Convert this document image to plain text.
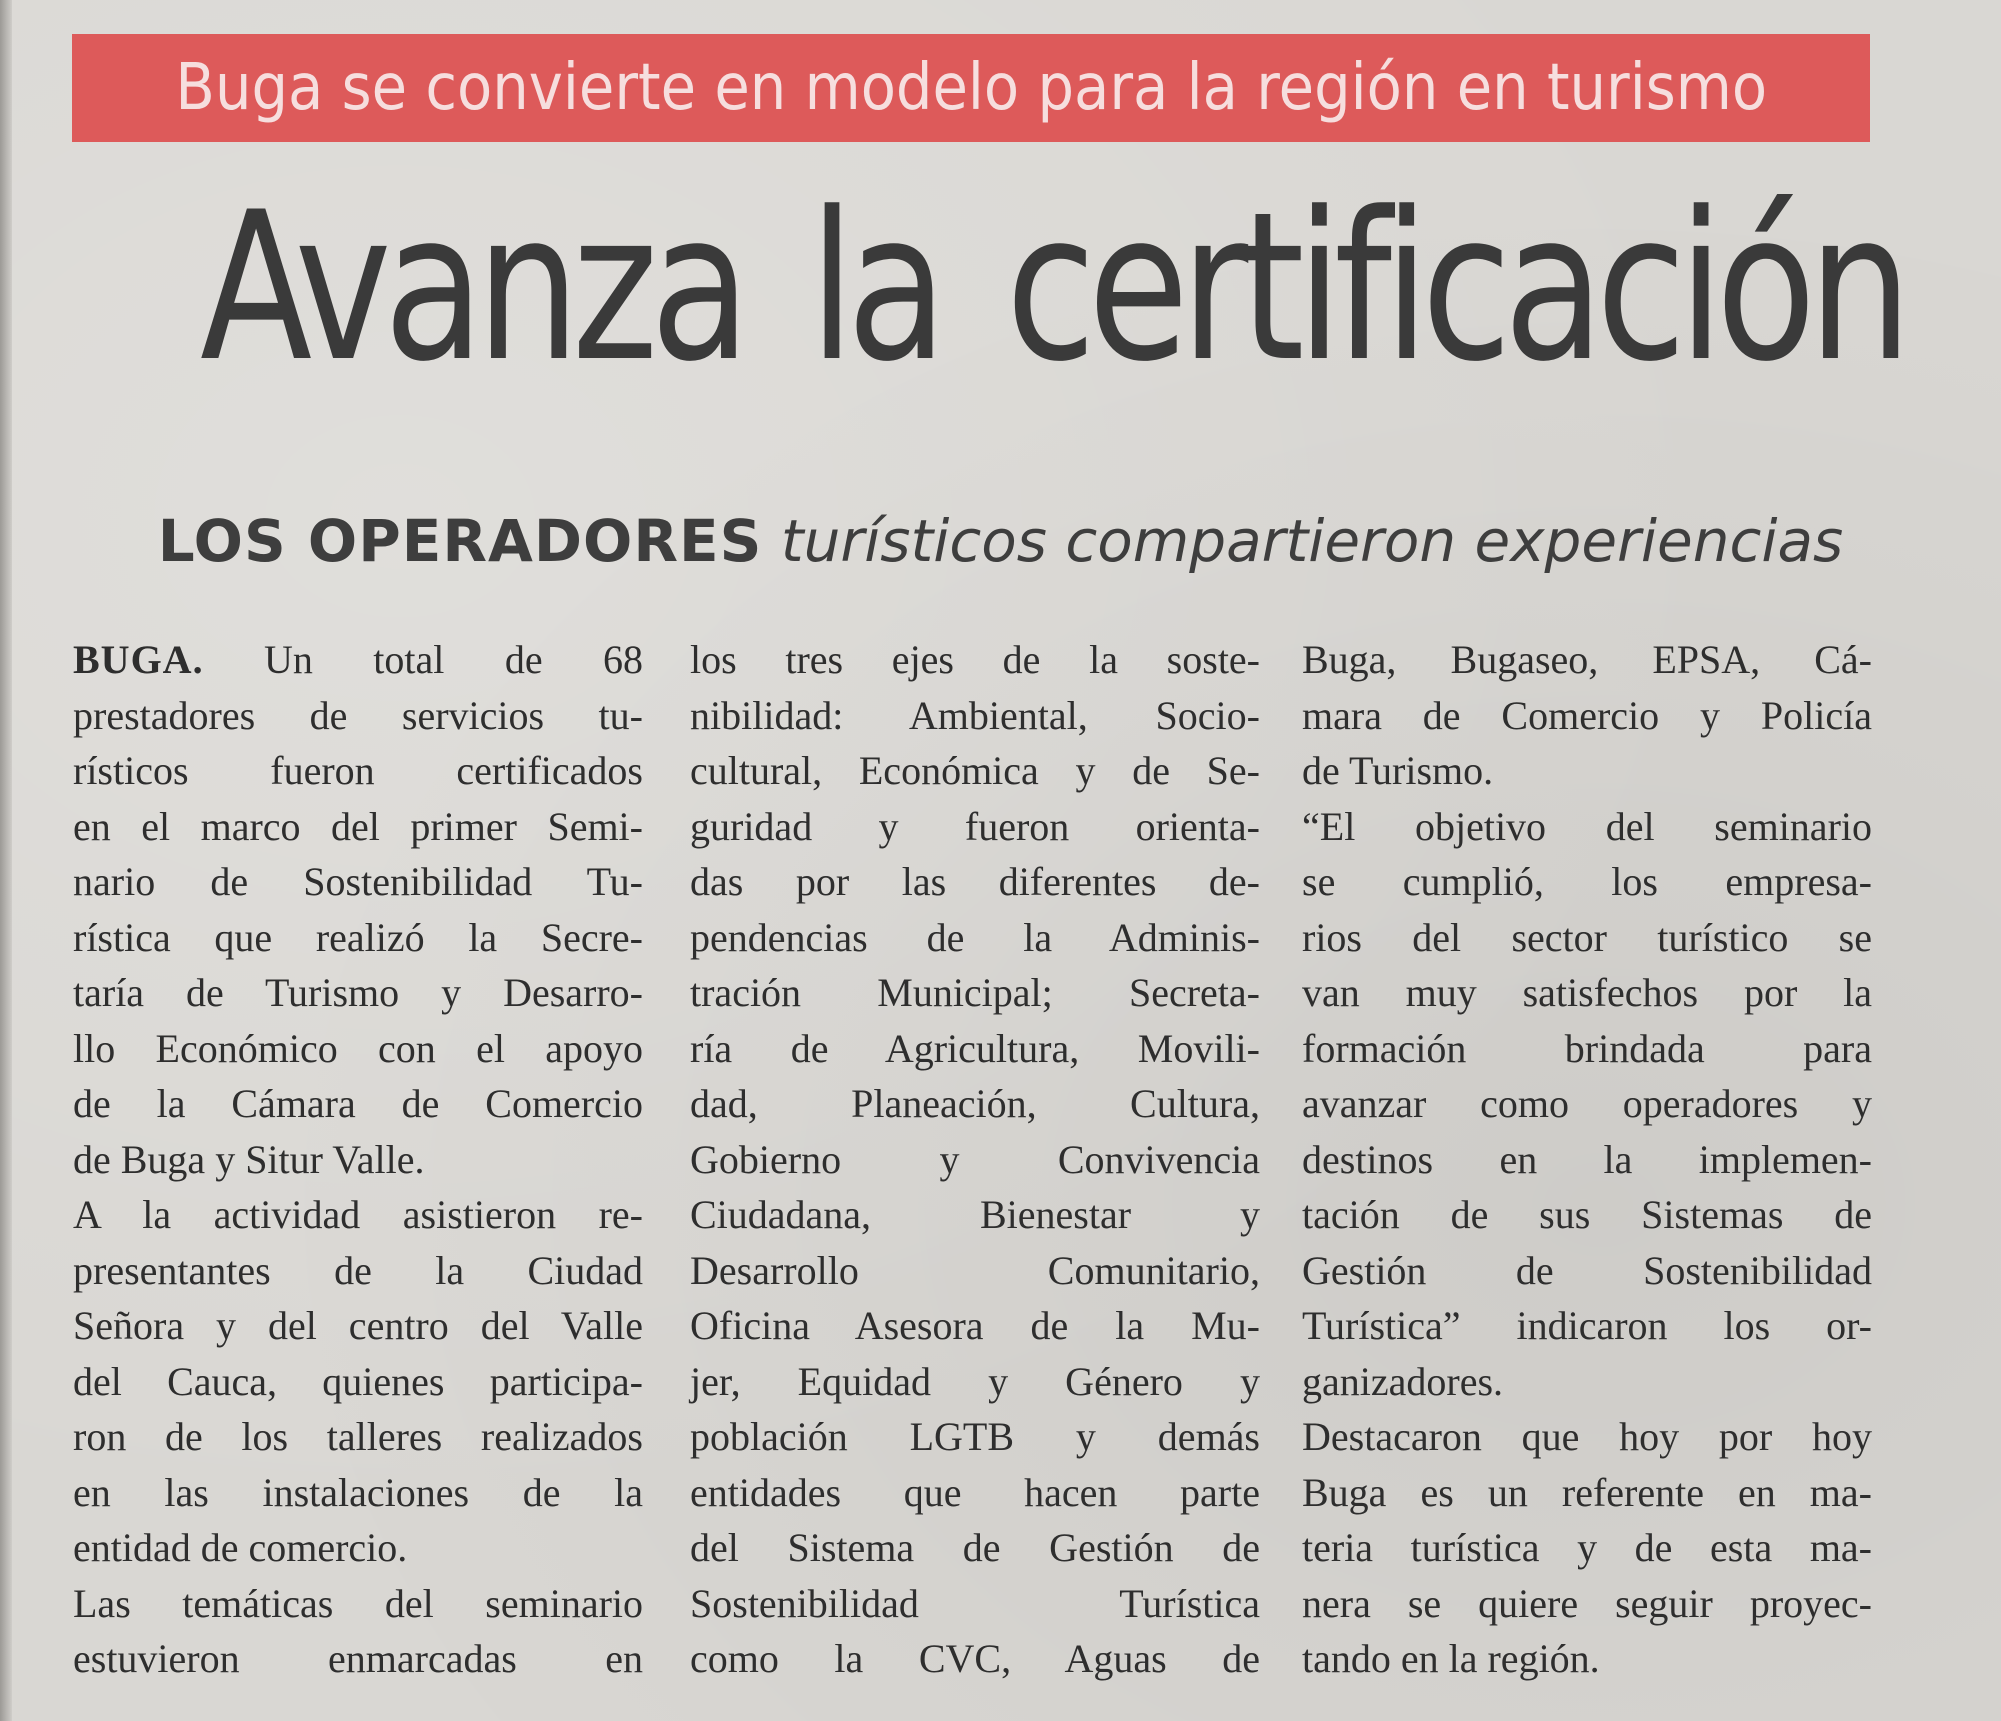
Buga se convierte en modelo para la región en turismo
Avanza la certificación
LOS OPERADORES turísticos compartieron experiencias
BUGA. Un total de 68
prestadores de servicios tu-
rísticos fueron certificados
en el marco del primer Semi-
nario de Sostenibilidad Tu-
rística que realizó la Secre-
taría de Turismo y Desarro-
llo Económico con el apoyo
de la Cámara de Comercio
de Buga y Situr Valle.
A la actividad asistieron re-
presentantes de la Ciudad
Señora y del centro del Valle
del Cauca, quienes participa-
ron de los talleres realizados
en las instalaciones de la
entidad de comercio.
Las temáticas del seminario
estuvieron enmarcadas en
los tres ejes de la soste-
nibilidad: Ambiental, Socio-
cultural, Económica y de Se-
guridad y fueron orienta-
das por las diferentes de-
pendencias de la Adminis-
tración Municipal; Secreta-
ría de Agricultura, Movili-
dad, Planeación, Cultura,
Gobierno y Convivencia
Ciudadana, Bienestar y
Desarrollo Comunitario,
Oficina Asesora de la Mu-
jer, Equidad y Género y
población LGTB y demás
entidades que hacen parte
del Sistema de Gestión de
Sostenibilidad Turística
como la CVC, Aguas de
Buga, Bugaseo, EPSA, Cá-
mara de Comercio y Policía
de Turismo.
“El objetivo del seminario
se cumplió, los empresa-
rios del sector turístico se
van muy satisfechos por la
formación brindada para
avanzar como operadores y
destinos en la implemen-
tación de sus Sistemas de
Gestión de Sostenibilidad
Turística” indicaron los or-
ganizadores.
Destacaron que hoy por hoy
Buga es un referente en ma-
teria turística y de esta ma-
nera se quiere seguir proyec-
tando en la región.
